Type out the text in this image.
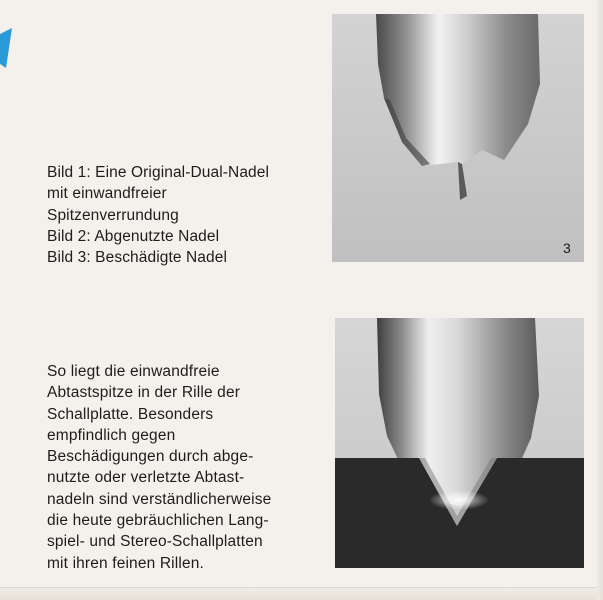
Bild 1: Eine Original-Dual-Nadel
mit einwandfreier
Spitzenverrundung
Bild 2: Abgenutzte Nadel
Bild 3: Beschädigte Nadel
3
So liegt die einwandfreie
Abtastspitze in der Rille der
Schallplatte. Besonders
empfindlich gegen
Beschädigungen durch abge-
nutzte oder verletzte Abtast-
nadeln sind verständlicherweise
die heute gebräuchlichen Lang-
spiel- und Stereo-Schallplatten
mit ihren feinen Rillen.
